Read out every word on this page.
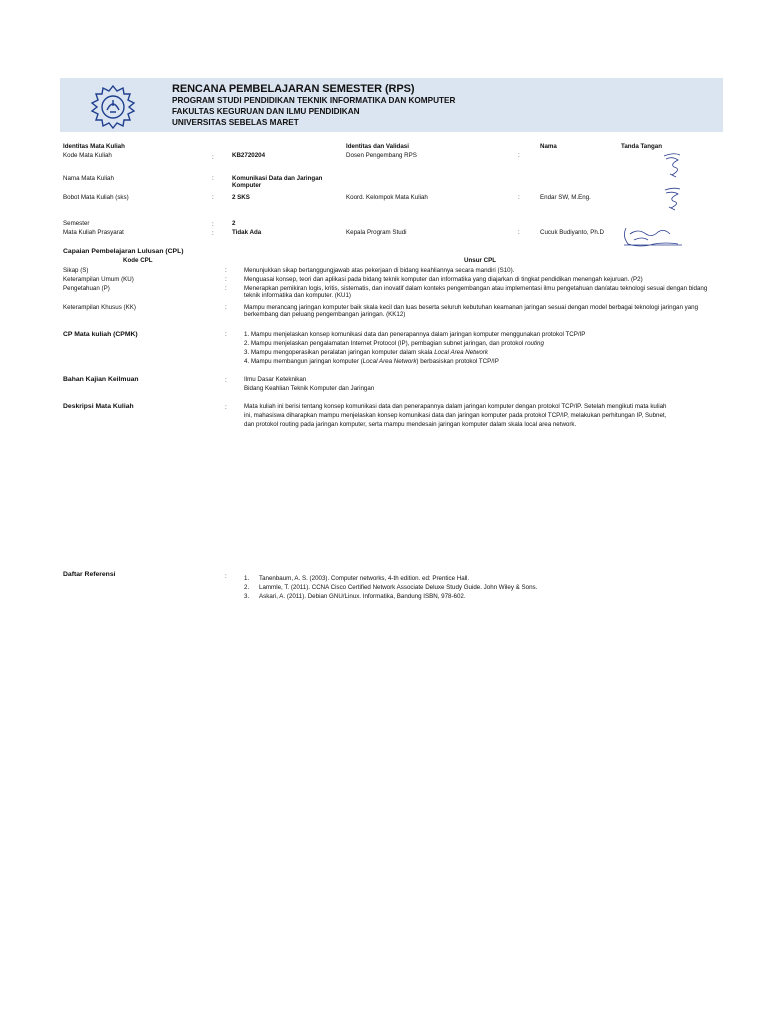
RENCANA PEMBELAJARAN SEMESTER (RPS)
PROGRAM STUDI PENDIDIKAN TEKNIK INFORMATIKA DAN KOMPUTER
FAKULTAS KEGURUAN DAN ILMU PENDIDIKAN
UNIVERSITAS SEBELAS MARET
Identitas Mata Kuliah	Identitas dan Validasi	Nama	Tanda Tangan
Kode Mata Kuliah	:	KB2720204	Dosen Pengembang RPS	:
Nama Mata Kuliah	:	Komunikasi Data dan Jaringan Komputer
Bobot Mata Kuliah (sks)	:	2 SKS	Koord. Kelompok Mata Kuliah	:	Endar SW, M.Eng.
Semester	:	2
Mata Kuliah Prasyarat	:	Tidak Ada	Kepala Program Studi	:	Cucuk Budiyanto, Ph.D
Capaian Pembelajaran Lulusan (CPL)
Kode CPL	Unsur CPL
Sikap (S)	:	Menunjukkan sikap bertanggungjawab atas pekerjaan di bidang keahliannya secara mandiri (S10).
Keterampilan Umum (KU)	:	Menguasai konsep, teori dan aplikasi pada bidang teknik komputer dan informatika yang diajarkan di tingkat pendidikan menengah kejuruan. (P2)
Pengetahuan (P)	:	Menerapkan pemikiran logis, kritis, sistematis, dan inovatif dalam konteks pengembangan atau implementasi ilmu pengetahuan dan/atau teknologi sesuai dengan bidang teknik informatika dan komputer. (KU1)
Keterampilan Khusus (KK)	:	Mampu merancang jaringan komputer baik skala kecil dan luas beserta seluruh kebutuhan keamanan jaringan sesuai dengan model berbagai teknologi jaringan yang berkembang dan peluang pengembangan jaringan. (KK12)
CP Mata kuliah (CPMK)	:	1. Mampu menjelaskan konsep komunikasi data dan penerapannya dalam jaringan komputer menggunakan protokol TCP/IP
2. Mampu menjelaskan pengalamatan Internet Protocol (IP), pembagian subnet jaringan, dan protokol routing
3. Mampu mengoperasikan peralatan jaringan komputer dalam skala Local Area Network
4. Mampu membangun jaringan komputer (Local Area Network) berbasiskan protokol TCP/IP
Bahan Kajian Keilmuan	:	Ilmu Dasar Keteknikan
Bidang Keahlian Teknik Komputer dan Jaringan
Deskripsi Mata Kuliah	:	Mata kuliah ini berisi tentang konsep komunikasi data dan penerapannya dalam jaringan komputer dengan protokol TCP/IP. Setelah mengikuti mata kuliah
ini, mahasiswa diharapkan mampu menjelaskan konsep komunikasi data dan jaringan komputer pada protokol TCP/IP, melakukan perhitungan IP, Subnet,
dan protokol routing pada jaringan komputer, serta mampu mendesain jaringan komputer dalam skala local area network.
Daftar Referensi	:	1. Tanenbaum, A. S. (2003). Computer networks, 4-th edition. ed: Prentice Hall.
2. Lammle, T. (2011). CCNA Cisco Certified Network Associate Deluxe Study Guide. John Wiley & Sons.
3. Askari, A. (2011). Debian GNU/Linux. Informatika, Bandung ISBN, 978-602.
